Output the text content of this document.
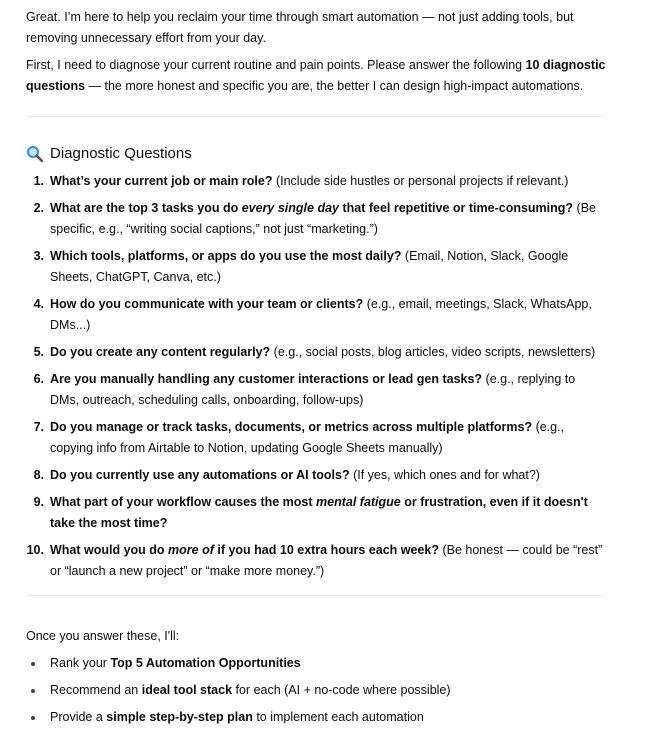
Great. I’m here to help you reclaim your time through smart automation — not just adding tools, but removing unnecessary effort from your day.

First, I need to diagnose your current routine and pain points. Please answer the following 10 diagnostic questions — the more honest and specific you are, the better I can design high-impact automations.

Diagnostic Questions
1. What’s your current job or main role? (Include side hustles or personal projects if relevant.)
2. What are the top 3 tasks you do every single day that feel repetitive or time-consuming? (Be specific, e.g., “writing social captions,” not just “marketing.”)
3. Which tools, platforms, or apps do you use the most daily? (Email, Notion, Slack, Google Sheets, ChatGPT, Canva, etc.)
4. How do you communicate with your team or clients? (e.g., email, meetings, Slack, WhatsApp, DMs...)
5. Do you create any content regularly? (e.g., social posts, blog articles, video scripts, newsletters)
6. Are you manually handling any customer interactions or lead gen tasks? (e.g., replying to DMs, outreach, scheduling calls, onboarding, follow-ups)
7. Do you manage or track tasks, documents, or metrics across multiple platforms? (e.g., copying info from Airtable to Notion, updating Google Sheets manually)
8. Do you currently use any automations or AI tools? (If yes, which ones and for what?)
9. What part of your workflow causes the most mental fatigue or frustration, even if it doesn't take the most time?
10. What would you do more of if you had 10 extra hours each week? (Be honest — could be “rest” or “launch a new project” or “make more money.”)

Once you answer these, I'll:

Rank your Top 5 Automation Opportunities
Recommend an ideal tool stack for each (AI + no-code where possible)
Provide a simple step-by-step plan to implement each automation
